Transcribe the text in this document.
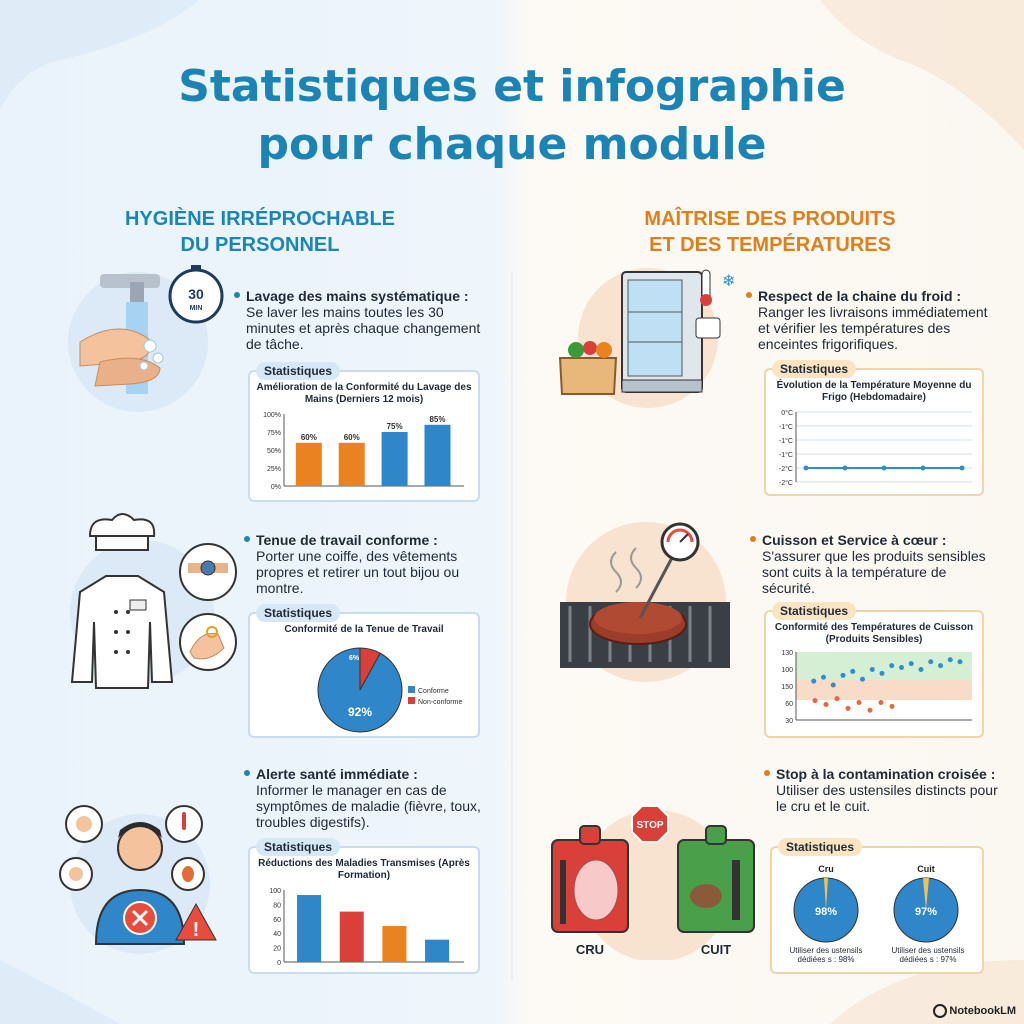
Statistiques et infographie
pour chaque module
HYGIÈNE IRRÉPROCHABLE
DU PERSONNEL
MAÎTRISE DES PRODUITS
ET DES TEMPÉRATURES
30
MIN
Lavage des mains systématique :

Se laver les mains toutes les 30 minutes et après chaque changement de tâche.
Statistiques
Amélioration de la Conformité du Lavage des Mains (Derniers 12 mois)
100%
75%
50%
25%
0%
60%	60%
75%
85%
Tenue de travail conforme :

Porter une coiffe, des vêtements propres et retirer un tout bijou ou montre.
Statistiques
Conformité de la Tenue de Travail
92%
6%
Conforme
Non-conforme
!
Alerte santé immédiate :

Informer le manager en cas de symptômes de maladie (fièvre, toux, troubles digestifs).
Statistiques
Réductions des Maladies Transmises (Après Formation)
100
80
60
40
20
0
❄
Respect de la chaine du froid :

Ranger les livraisons immédiatement et vérifier les températures des enceintes frigorifiques.
Statistiques
Évolution de la Température Moyenne du Frigo (Hebdomadaire)
0°C
-1°C
-1°C
-1°C
-2°C
-2°C
Cuisson et Service à cœur :

S'assurer que les produits sensibles sont cuits à la température de sécurité.
Statistiques
Conformité des Températures de Cuisson (Produits Sensibles)
130
100
150
60
30
STOP
CRU	CUIT
Stop à la contamination croisée :

Utiliser des ustensiles distincts pour le cru et le cuit.
Statistiques
Cru
98%
Cuit
97%
Utiliser des ustensils dédiées s : 98%
Utiliser des ustensils dédiées s : 97%
NotebookLM
